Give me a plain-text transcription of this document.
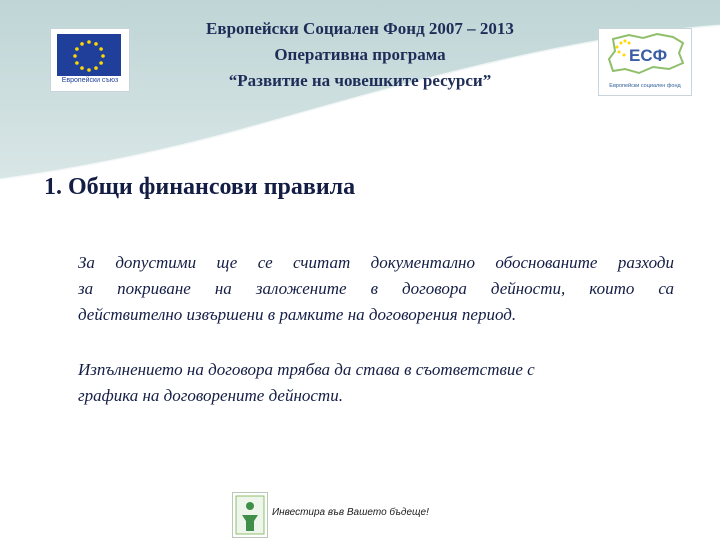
Европейски съюз
ЕСФ
Европейски социален фонд
Европейски Социален Фонд 2007 – 2013
Оперативна програма
“Развитие на човешките ресурси”
1. Общи финансови правила
За допустими ще се считат документално обоснованите разходи
за покриване на заложените в договора дейности, които са
действително извършени в рамките на договорения период.
Изпълнението на договора трябва да става в съответствие с
графика на договорените дейности.
Инвестира във Вашето бъдеще!
